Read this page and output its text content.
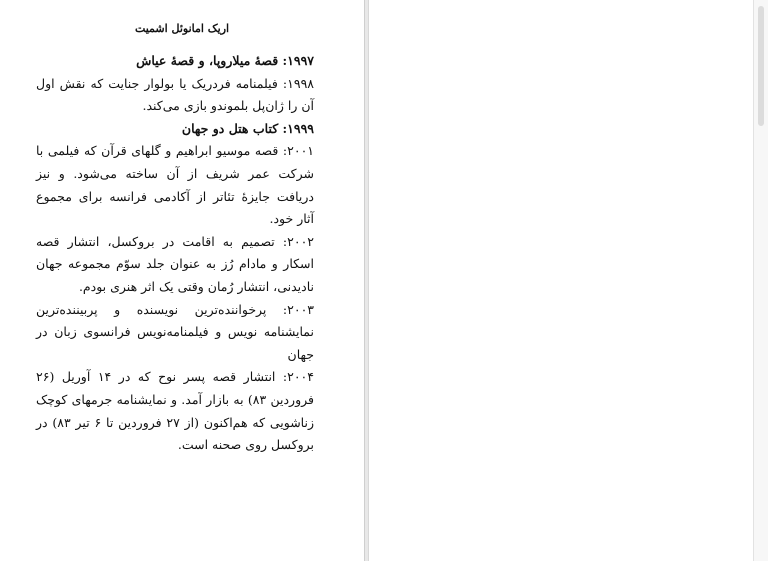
اریک امانوئل اشمیت

۱۹۹۷: قصهٔ میلاروپا، و قصهٔ عیاش

۱۹۹۸: فیلمنامه فردریک یا بولوار جنایت که نقش اول آن را ژان‌پل بلموندو بازی می‌کند.

۱۹۹۹: کتاب هتل دو جهان

۲۰۰۱: قصه موسیو ابراهیم و گلهای قرآن که فیلمی با شرکت عمر شریف از آن ساخته می‌شود. و نیز دریافت جایزهٔ تئاتر از آکادمی فرانسه برای مجموع آثار خود.

۲۰۰۲: تصمیم به اقامت در بروکسل، انتشار قصه اسکار و مادام رُز به عنوان جلد سوّم مجموعه جهان نادیدنی، انتشار رُمان وقتی یک اثر هنری بودم.

۲۰۰۳: پرخواننده‌ترین نویسنده و پربیننده‌ترین نمایشنامه نویس و فیلمنامه‌نویس فرانسوی زبان در جهان

۲۰۰۴: انتشار قصه پسر نوح که در ۱۴ آوریل (۲۶ فروردین ۸۳) به بازار آمد. و نمایشنامه جرمهای کوچک زناشویی که هم‌اکنون (از ۲۷ فروردین تا ۶ تیر ۸۳) در بروکسل روی صحنه است.
